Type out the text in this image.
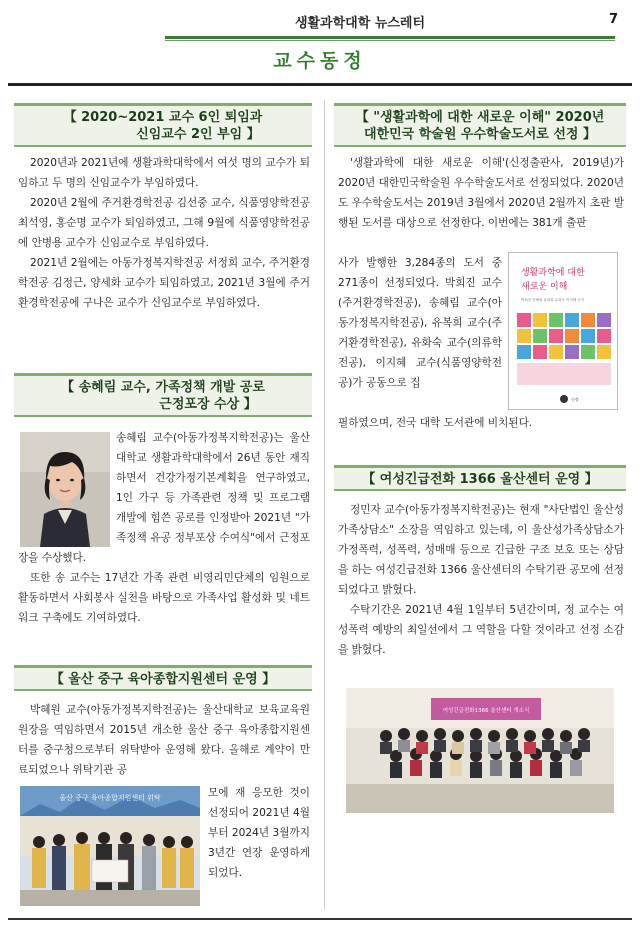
생활과학대학 뉴스레터	7
교수동정
【 2020~2021 교수 6인 퇴임과
신임교수 2인 부임 】

2020년과 2021년에 생활과학대학에서 여섯 명의 교수가 퇴임하고 두 명의 신임교수가 부임하였다.

2020년 2월에 주거환경학전공 김선중 교수, 식품영양학전공 최석영, 홍순명 교수가 퇴임하였고, 그해 9월에 식품영양학전공에 안병용 교수가 신임교수로 부임하였다.

2021년 2월에는 아동가정복지학전공 서정희 교수, 주거환경학전공 김정근, 양세화 교수가 퇴임하였고, 2021년 3월에 주거환경학전공에 구나은 교수가 신임교수로 부임하였다.

【 송혜림 교수, 가족정책 개발 공로
근정포장 수상 】

송혜림 교수(아동가정복지학전공)는 울산대학교 생활과학대학에서 26년 동안 재직하면서 건강가정기본계획을 연구하였고, 1인 가구 등 가족관련 정책 및 프로그램 개발에 힘쓴 공로를 인정받아 2021년 "가족정책 유공 정부포상 수여식"에서 근정포장을 수상했다.

또한 송 교수는 17년간 가족 관련 비영리민단체의 임원으로 활동하면서 사회봉사 실천을 바탕으로 가족사업 활성화 및 네트워크 구축에도 기여하였다.

【 울산 중구 육아종합지원센터 운영 】

박혜원 교수(아동가정복지학전공)는 울산대학교 보육교육원 원장을 역임하면서 2015년 개소한 울산 중구 육아종합지원센터를 중구청으로부터 위탁받아 운영해 왔다. 올해로 계약이 만료되었으나 위탁기관 공

울산 중구 육아종합지원센터 위탁	모에 재 응모한 것이 선정되어 2021년 4월부터 2024년 3월까지 3년간 연장 운영하게 되었다.

【 "생활과학에 대한 새로운 이해" 2020년
대한민국 학술원 우수학술도서로 선정 】

'생활과학에 대한 새로운 이해'(신정출판사, 2019년)가 2020년 대한민국학술원 우수학술도서로 선정되었다. 2020년도 우수학술도서는 2019년 3월에서 2020년 2월까지 초판 발행된 도서를 대상으로 선정한다. 이번에는 381개 출판

생활과학에 대한
새로운 이해
박희진 송혜림 유복희 유화숙 이지혜 공저
신정

사가 발행한 3,284종의 도서 중 271종이 선정되었다. 박희진 교수(주거환경학전공), 송혜림 교수(아동가정복지학전공), 유복희 교수(주거환경학전공), 유화숙 교수(의류학전공), 이지혜 교수(식품영양학전공)가 공동으로 집

필하였으며, 전국 대학 도서관에 비치된다.

【 여성긴급전화 1366 울산센터 운영 】

정민자 교수(아동가정복지학전공)는 현재 "사단법인 울산성가족상담소" 소장을 역임하고 있는데, 이 울산성가족상담소가 가정폭력, 성폭력, 성매매 등으로 긴급한 구조 보호 또는 상담을 하는 여성긴급전화 1366 울산센터의 수탁기관 공모에 선정되었다고 밝혔다.

수탁기간은 2021년 4월 1일부터 5년간이며, 정 교수는 여성폭력 예방의 최일선에서 그 역할을 다할 것이라고 선정 소감을 밝혔다.

여성긴급전화1366 울산센터 개소식
